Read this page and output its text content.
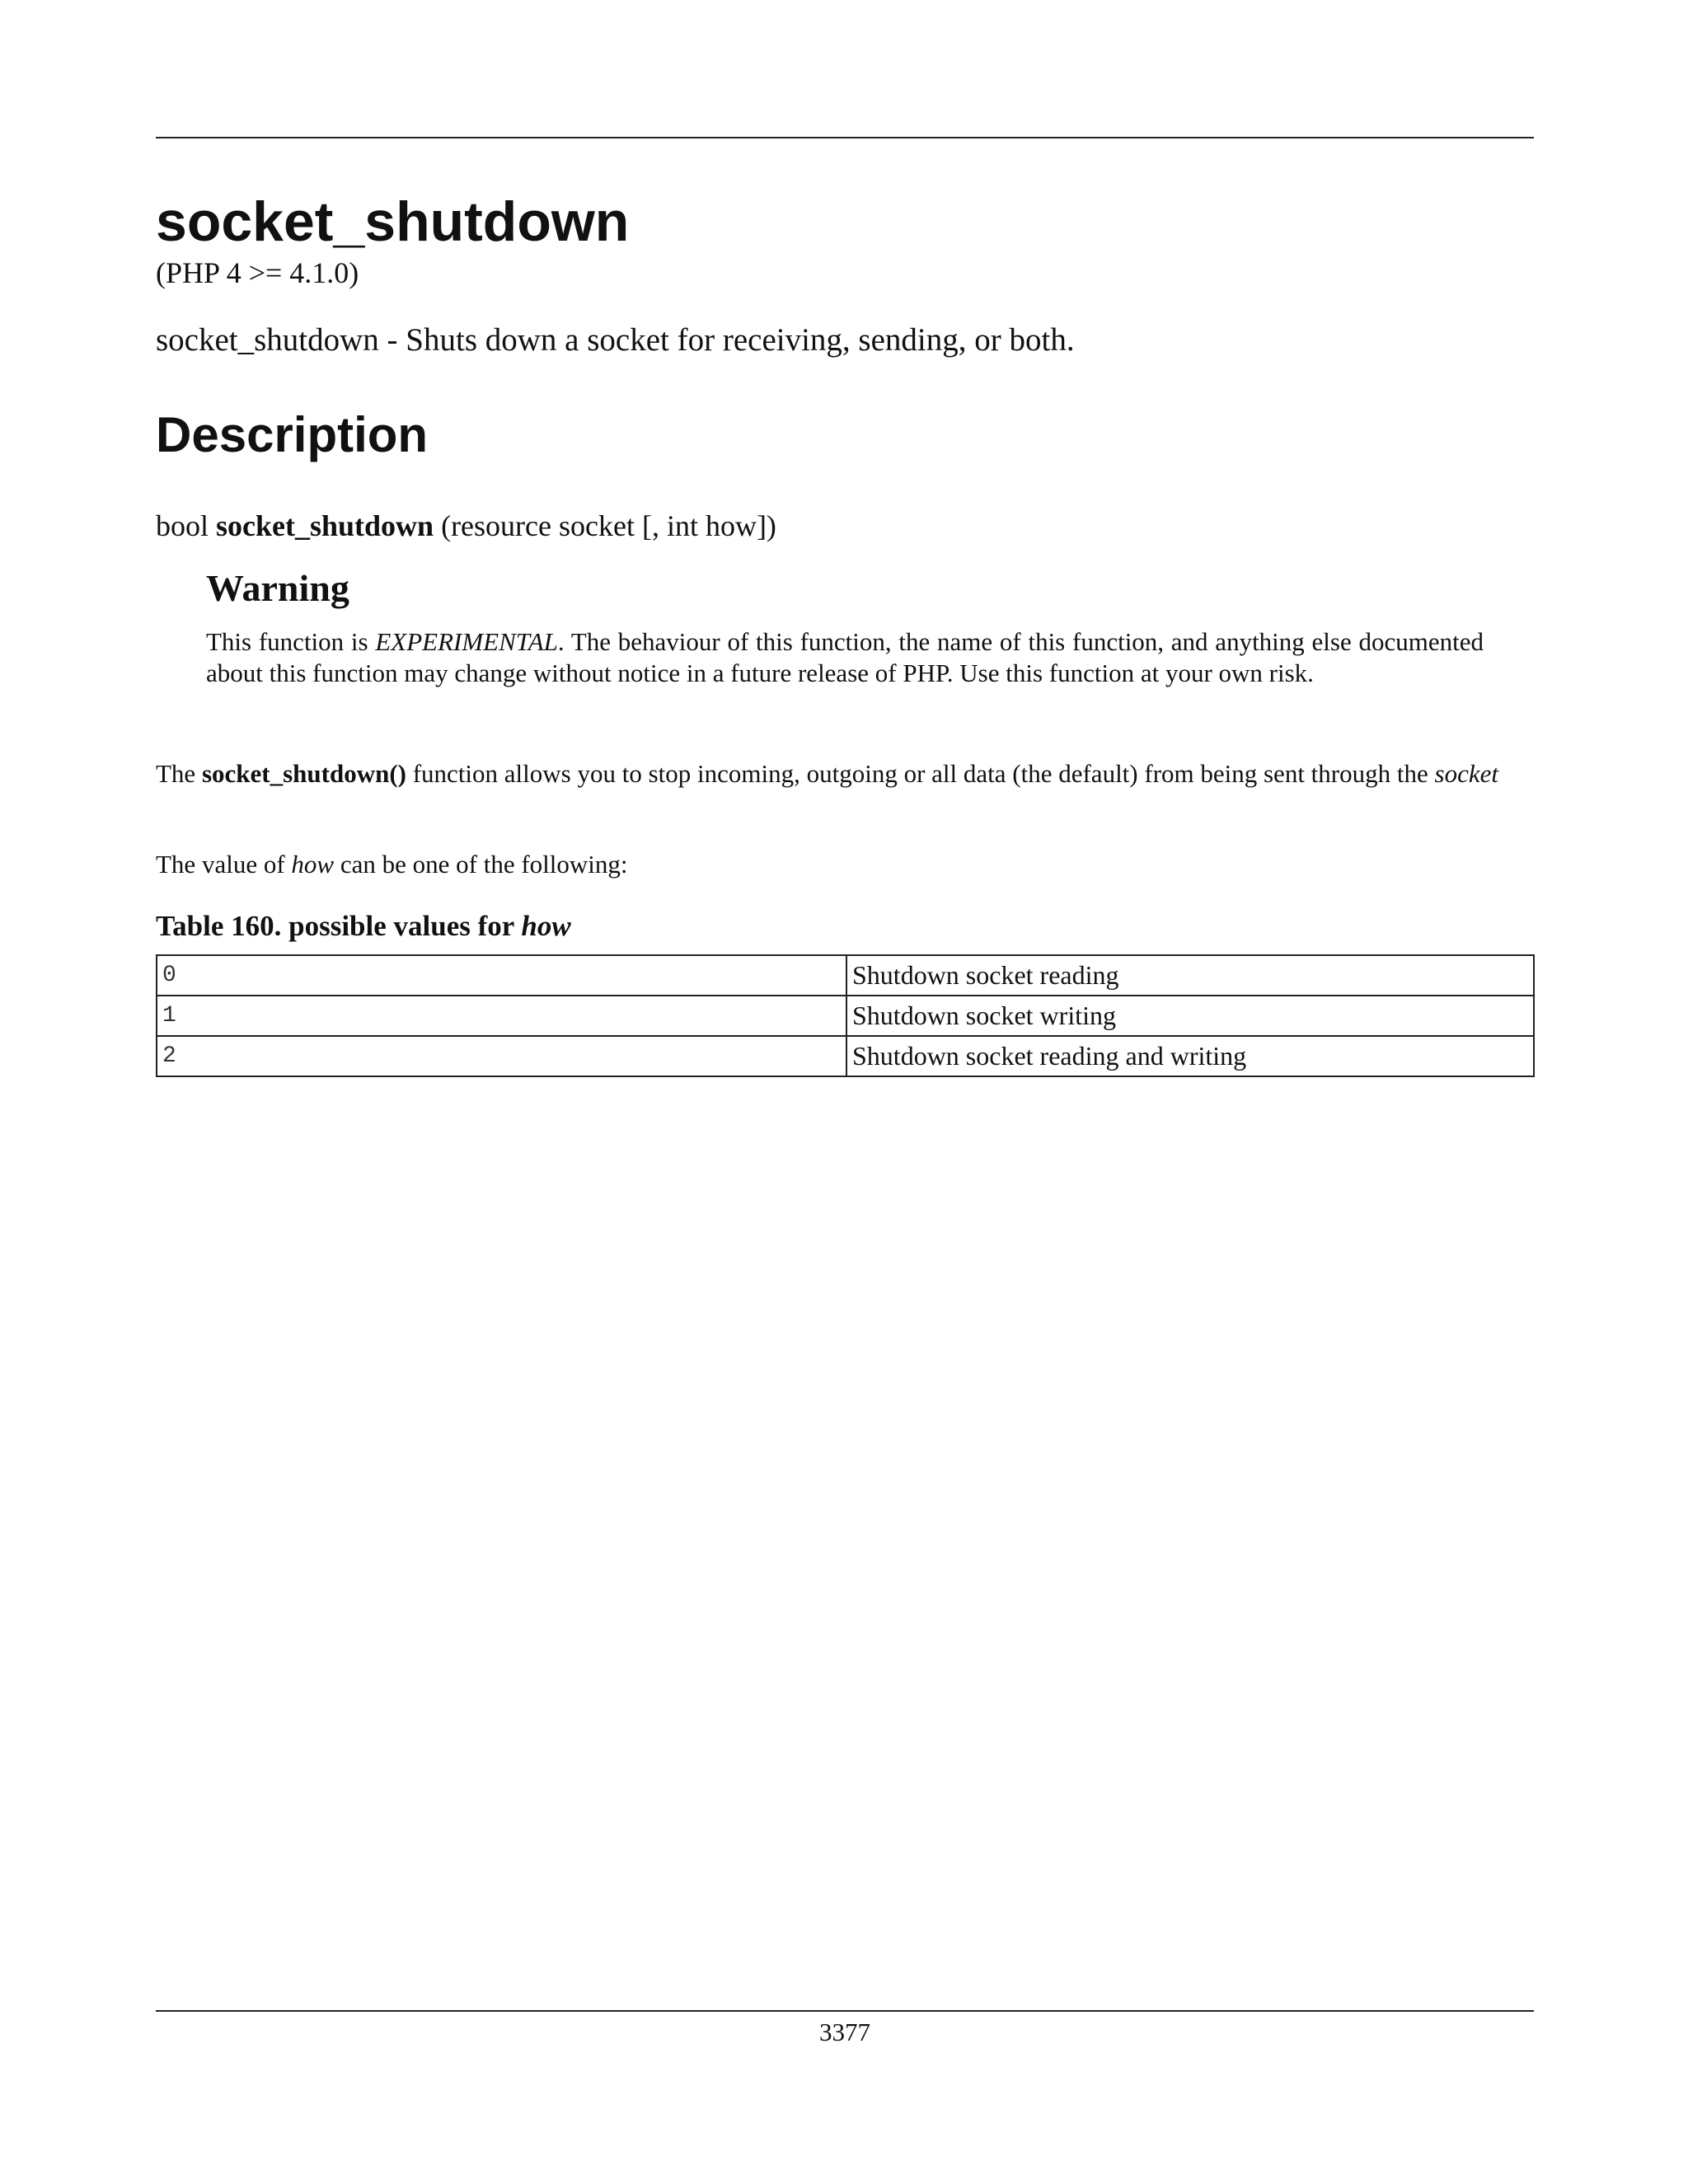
socket_shutdown
(PHP 4 >= 4.1.0)
socket_shutdown - Shuts down a socket for receiving, sending, or both.
Description
bool socket_shutdown (resource socket [, int how])
Warning

This function is EXPERIMENTAL. The behaviour of this function, the name of this function, and anything else documented about this function may change without notice in a future release of PHP. Use this function at your own risk.

The socket_shutdown() function allows you to stop incoming, outgoing or all data (the default) from being sent through the socket

The value of how can be one of the following:

Table 160. possible values for how
0	Shutdown socket reading
1	Shutdown socket writing
2	Shutdown socket reading and writing
3377
